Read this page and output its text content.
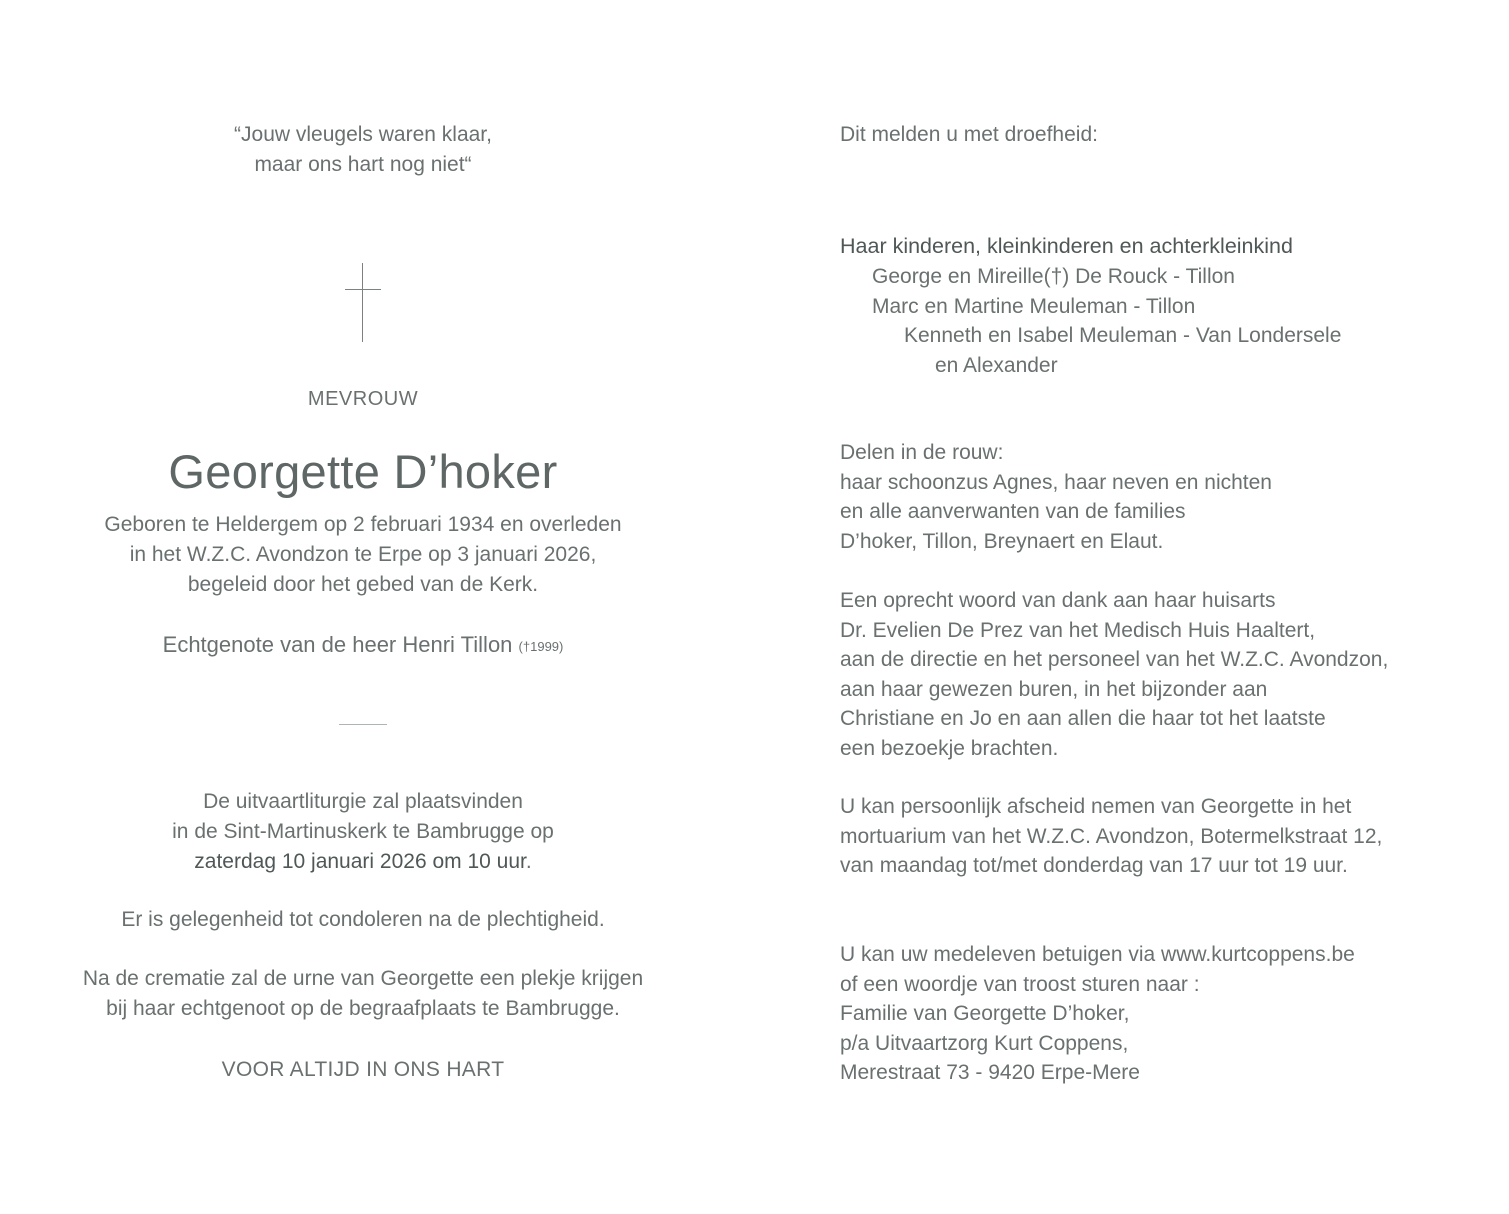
“Jouw vleugels waren klaar,
maar ons hart nog niet“
MEVROUW
Georgette D’hoker
Geboren te Heldergem op 2 februari 1934 en overleden
in het W.Z.C. Avondzon te Erpe op 3 januari 2026,
begeleid door het gebed van de Kerk.
Echtgenote van de heer Henri Tillon (†1999)
De uitvaartliturgie zal plaatsvinden
in de Sint-Martinuskerk te Bambrugge op
zaterdag 10 januari 2026 om 10 uur.
Er is gelegenheid tot condoleren na de plechtigheid.
Na de crematie zal de urne van Georgette een plekje krijgen
bij haar echtgenoot op de begraafplaats te Bambrugge.
VOOR ALTIJD IN ONS HART
Dit melden u met droefheid:
Haar kinderen, kleinkinderen en achterkleinkind
George en Mireille(†) De Rouck - Tillon
Marc en Martine Meuleman - Tillon
Kenneth en Isabel Meuleman - Van Londersele
en Alexander
Delen in de rouw:
haar schoonzus Agnes, haar neven en nichten
en alle aanverwanten van de families
D’hoker, Tillon, Breynaert en Elaut.
Een oprecht woord van dank aan haar huisarts
Dr. Evelien De Prez van het Medisch Huis Haaltert,
aan de directie en het personeel van het W.Z.C. Avondzon,
aan haar gewezen buren, in het bijzonder aan
Christiane en Jo en aan allen die haar tot het laatste
een bezoekje brachten.
U kan persoonlijk afscheid nemen van Georgette in het
mortuarium van het W.Z.C. Avondzon, Botermelkstraat 12,
van maandag tot/met donderdag van 17 uur tot 19 uur.
U kan uw medeleven betuigen via www.kurtcoppens.be
of een woordje van troost sturen naar :
Familie van Georgette D’hoker,
p/a Uitvaartzorg Kurt Coppens,
Merestraat 73 - 9420 Erpe-Mere
